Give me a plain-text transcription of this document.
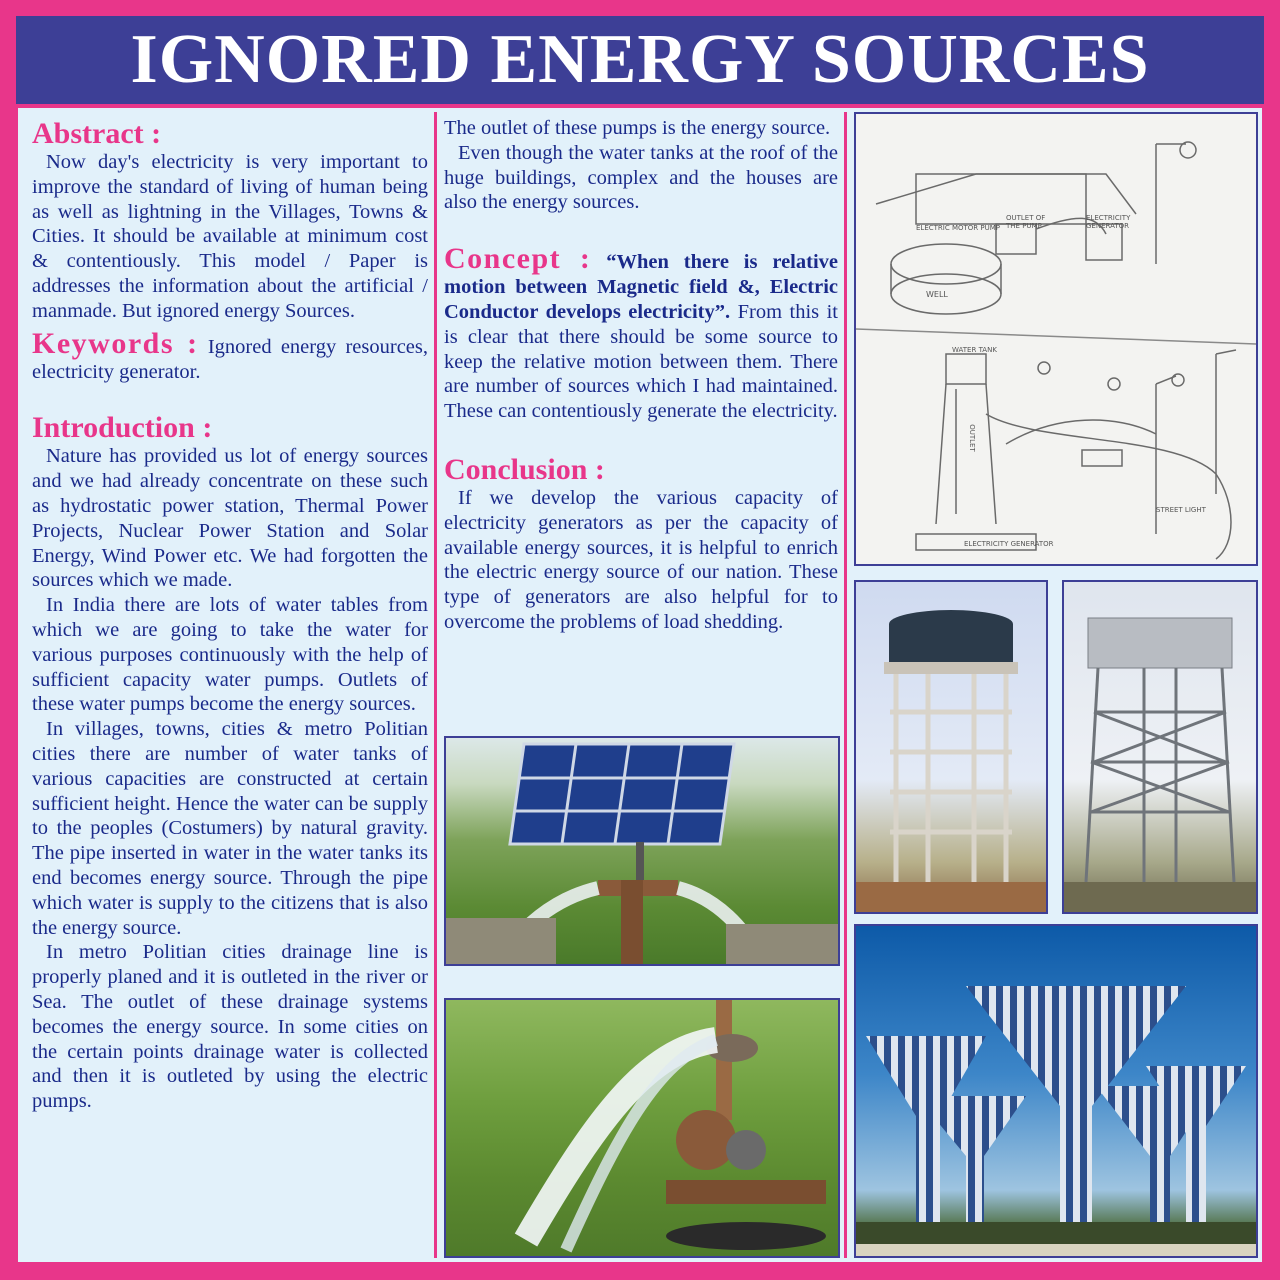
IGNORED ENERGY SOURCES
Abstract :

Now day's electricity is very important to improve the standard of living of human being as well as lightning in the Villages, Towns & Cities. It should be available at minimum cost & contentiously. This model / Paper is addresses the information about the artificial / manmade. But ignored energy Sources.

Keywords : Ignored energy resources, electricity generator.
Introduction :

Nature has provided us lot of energy sources and we had already concentrate on these such as hydrostatic power station, Thermal Power Projects, Nuclear Power Station and Solar Energy, Wind Power etc. We had forgotten the sources which we made.

In India there are lots of water tables from which we are going to take the water for various purposes continuously with the help of sufficient capacity water pumps. Outlets of these water pumps become the energy sources.

In villages, towns, cities & metro Politian cities there are number of water tanks of various capacities are constructed at certain sufficient height. Hence the water can be supply to the peoples (Costumers) by natural gravity. The pipe inserted in water in the water tanks its end becomes energy source. Through the pipe which water is supply to the citizens that is also the energy source.

In metro Politian cities drainage line is properly planed and it is outleted in the river or Sea. The outlet of these drainage systems becomes the energy source. In some cities on the certain points drainage water is collected and then it is outleted by using the electric pumps.

The outlet of these pumps is the energy source.

Even though the water tanks at the roof of the huge buildings, complex and the houses are also the energy sources.

Concept : “When there is relative motion between Magnetic field &, Electric Conductor develops electricity”. From this it is clear that there should be some source to keep the relative motion between them. There are number of sources which I had maintained. These can contentiously generate the electricity.
Conclusion :

If we develop the various capacity of electricity generators as per the capacity of available energy sources, it is helpful to enrich the electric energy source of our nation. These type of generators are also helpful for to overcome the problems of load shedding.

ELECTRIC MOTOR PUMP
OUTLET OF THE PUMP
ELECTRICITY GENERATOR
WELL
WATER TANK
OUTLET
STREET LIGHT
ELECTRICITY GENERATOR
